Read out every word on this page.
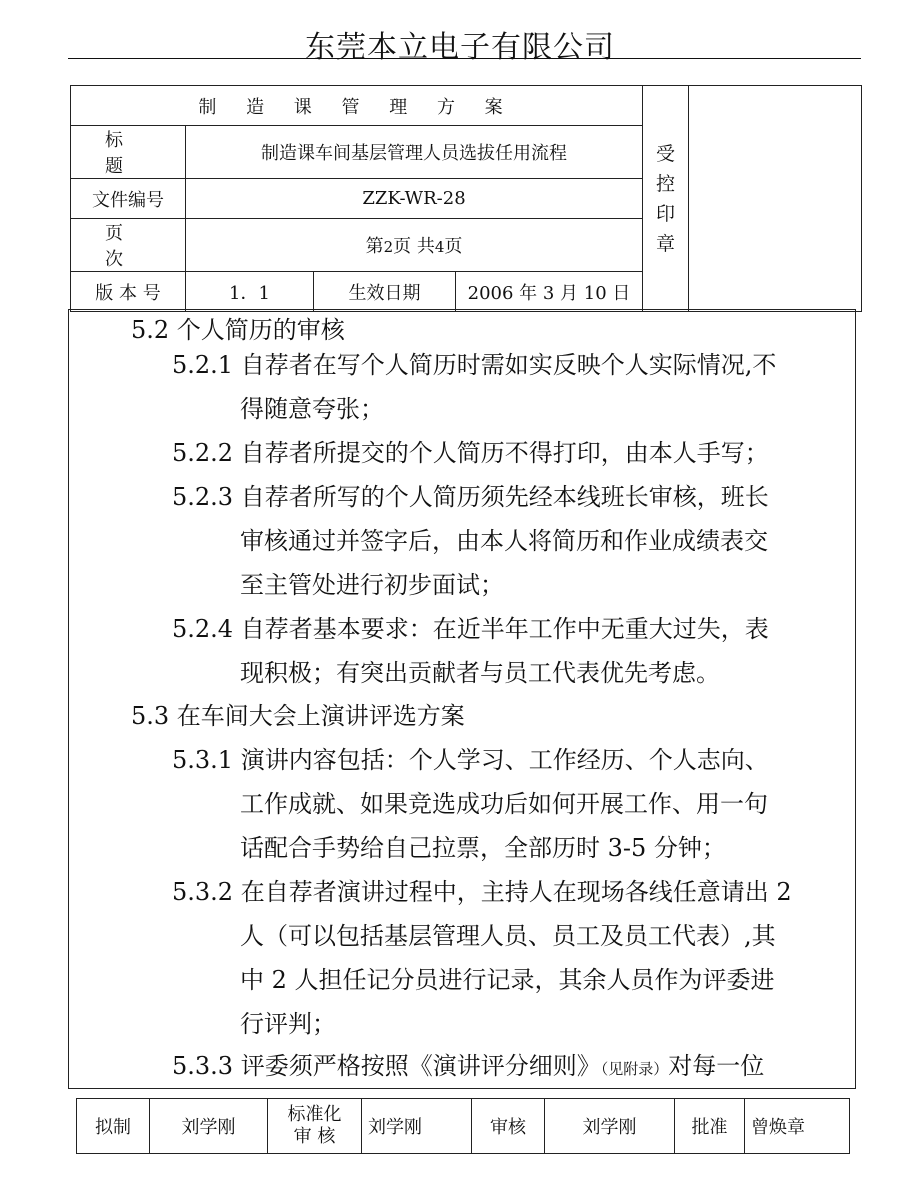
东莞本立电子有限公司
制 造 课 管 理 方 案				受
控
印
章	

标 题	制造课车间基层管理人员选拔任用流程				
文件编号	ZZK-WR-28				
页 次	第2页 共4页				
版 本 号	1．1	生效日期	2006 年 3 月 10 日		
5.2 个人简历的审核
5.2.1 自荐者在写个人简历时需如实反映个人实际情况,不
得随意夸张；
5.2.2 自荐者所提交的个人简历不得打印，由本人手写；
5.2.3 自荐者所写的个人简历须先经本线班长审核，班长
审核通过并签字后，由本人将简历和作业成绩表交
至主管处进行初步面试；
5.2.4 自荐者基本要求：在近半年工作中无重大过失，表
现积极；有突出贡献者与员工代表优先考虑。
5.3 在车间大会上演讲评选方案
5.3.1 演讲内容包括：个人学习、工作经历、个人志向、
工作成就、如果竞选成功后如何开展工作、用一句
话配合手势给自己拉票，全部历时 3-5 分钟；
5.3.2 在自荐者演讲过程中，主持人在现场各线任意请出 2
人（可以包括基层管理人员、员工及员工代表）,其
中 2 人担任记分员进行记录，其余人员作为评委进
行评判；
5.3.3 评委须严格按照《演讲评分细则》（见附录）对每一位
拟制	刘学刚	
标准化
审 核	刘学刚	审核	刘学刚	批准	曾焕章
